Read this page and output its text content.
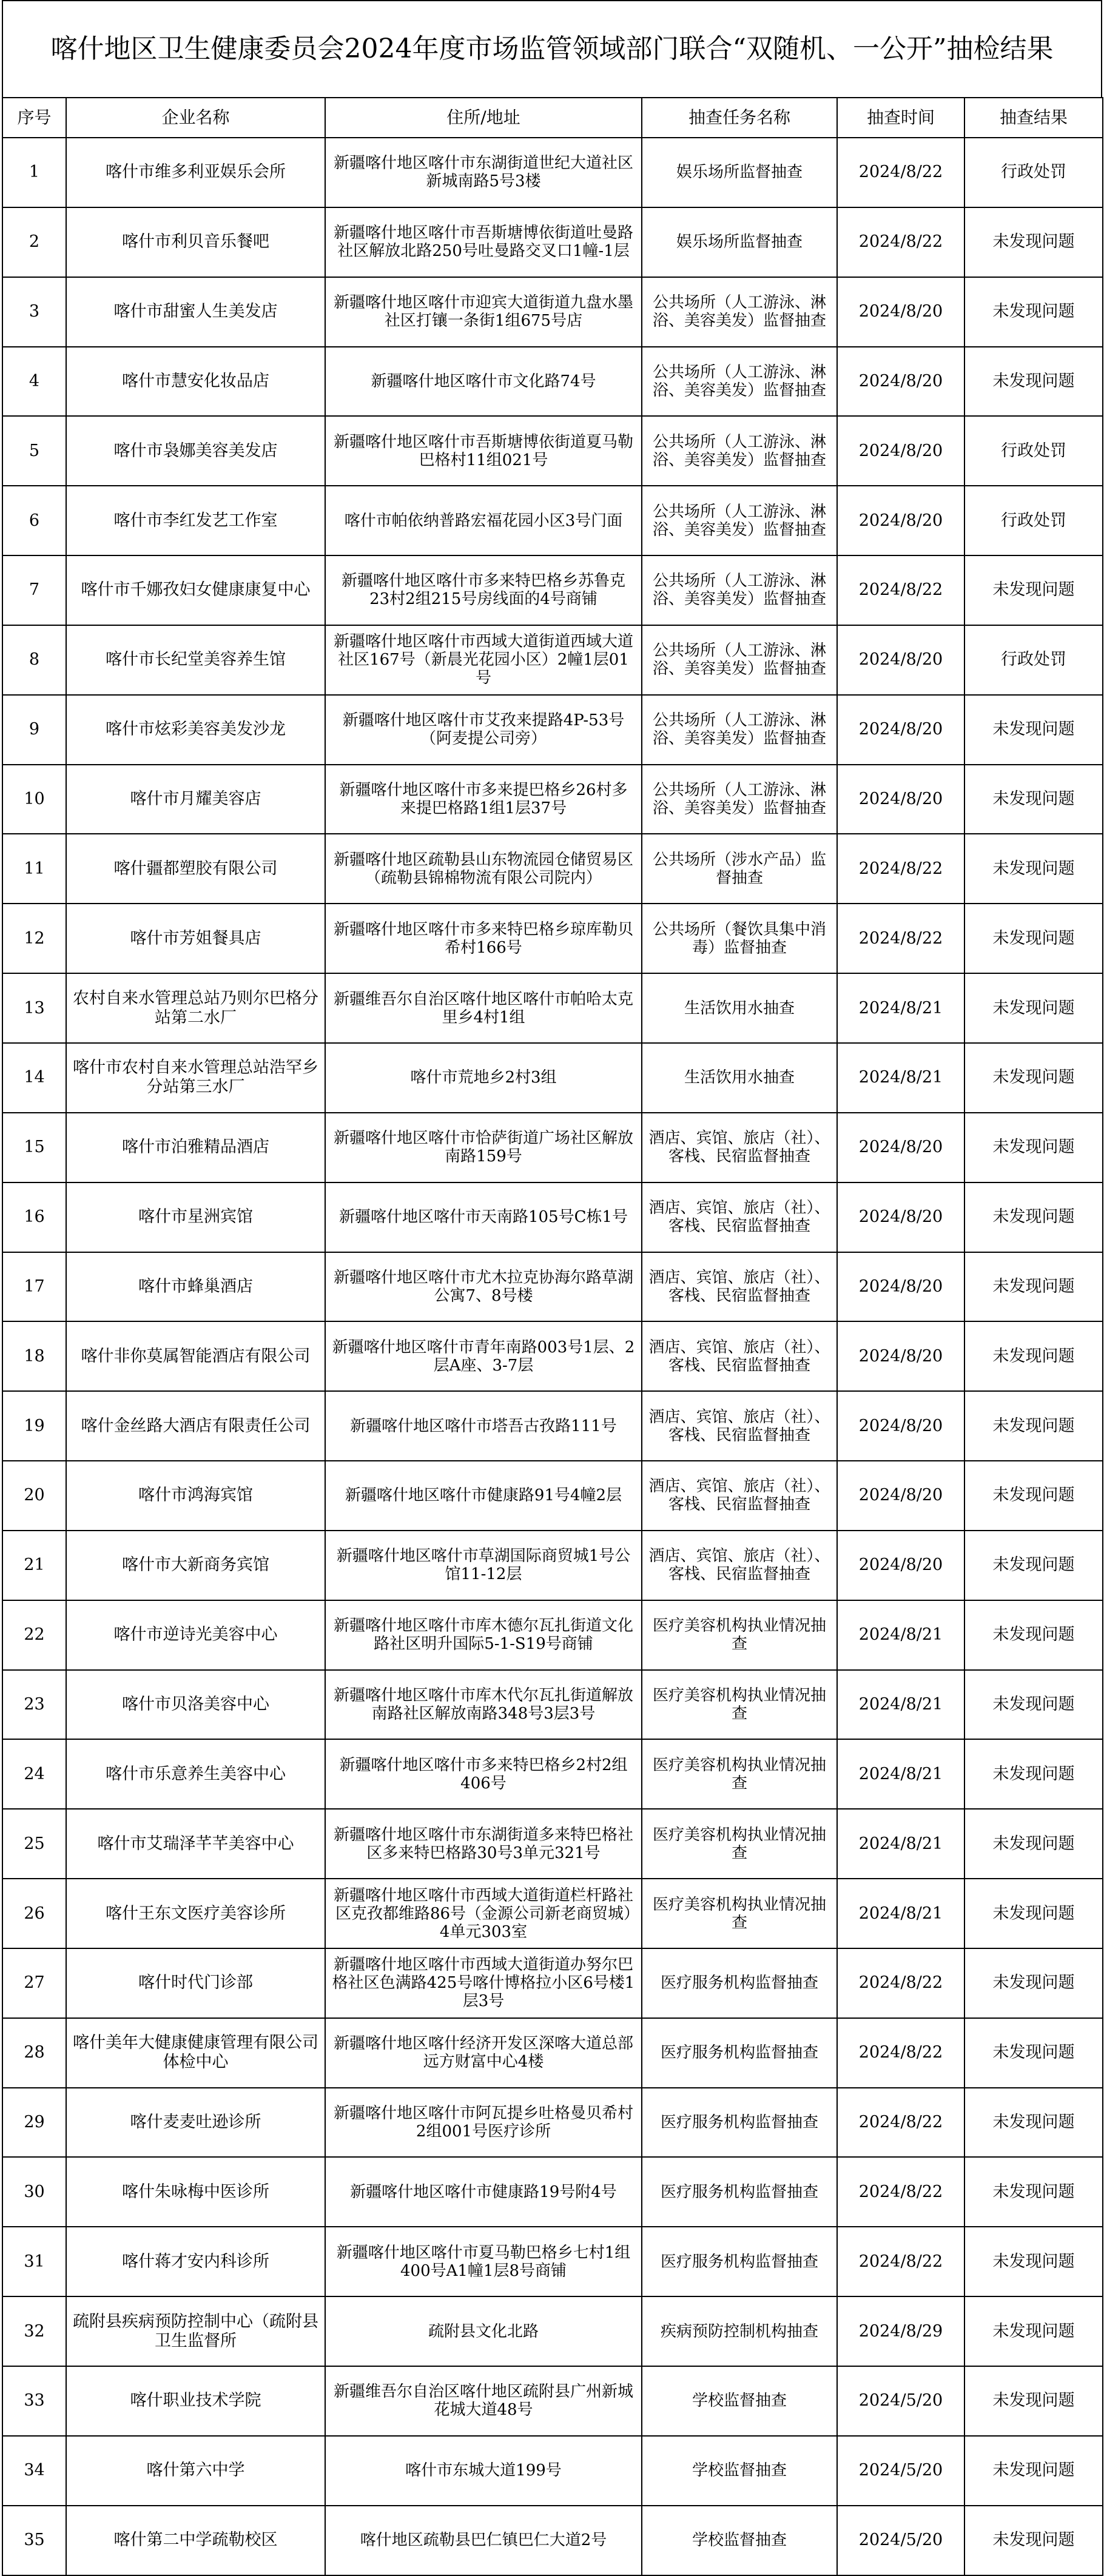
喀什地区卫生健康委员会2024年度市场监管领域部门联合“双随机、一公开”抽检结果
序号	企业名称	住所/地址	抽查任务名称	抽查时间	抽查结果

1	喀什市维多利亚娱乐会所	新疆喀什地区喀什市东湖街道世纪大道社区新城南路5号3楼	娱乐场所监督抽查	2024/8/22	行政处罚

2	喀什市利贝音乐餐吧	新疆喀什地区喀什市吾斯塘博依街道吐曼路社区解放北路250号吐曼路交叉口1幢-1层	娱乐场所监督抽查	2024/8/22	未发现问题

3	喀什市甜蜜人生美发店	新疆喀什地区喀什市迎宾大道街道九盘水墨社区打镶一条街1组675号店	公共场所（人工游泳、淋浴、美容美发）监督抽查	2024/8/20	未发现问题

4	喀什市慧安化妆品店	新疆喀什地区喀什市文化路74号	公共场所（人工游泳、淋浴、美容美发）监督抽查	2024/8/20	未发现问题

5	喀什市袅娜美容美发店	新疆喀什地区喀什市吾斯塘博依街道夏马勒巴格村11组021号	公共场所（人工游泳、淋浴、美容美发）监督抽查	2024/8/20	行政处罚

6	喀什市李红发艺工作室	喀什市帕依纳普路宏福花园小区3号门面	公共场所（人工游泳、淋浴、美容美发）监督抽查	2024/8/20	行政处罚

7	喀什市千娜孜妇女健康康复中心	新疆喀什地区喀什市多来特巴格乡苏鲁克23村2组215号房线面的4号商铺	公共场所（人工游泳、淋浴、美容美发）监督抽查	2024/8/22	未发现问题

8	喀什市长纪堂美容养生馆	新疆喀什地区喀什市西域大道街道西域大道社区167号（新晨光花园小区）2幢1层01号	公共场所（人工游泳、淋浴、美容美发）监督抽查	2024/8/20	行政处罚

9	喀什市炫彩美容美发沙龙	新疆喀什地区喀什市艾孜来提路4P-53号（阿麦提公司旁）	公共场所（人工游泳、淋浴、美容美发）监督抽查	2024/8/20	未发现问题

10	喀什市月耀美容店	新疆喀什地区喀什市多来提巴格乡26村多来提巴格路1组1层37号	公共场所（人工游泳、淋浴、美容美发）监督抽查	2024/8/20	未发现问题

11	喀什疆都塑胶有限公司	新疆喀什地区疏勒县山东物流园仓储贸易区（疏勒县锦棉物流有限公司院内）	公共场所（涉水产品）监督抽查	2024/8/22	未发现问题

12	喀什市芳姐餐具店	新疆喀什地区喀什市多来特巴格乡琼库勒贝希村166号	公共场所（餐饮具集中消毒）监督抽查	2024/8/22	未发现问题

13	农村自来水管理总站乃则尔巴格分站第二水厂	新疆维吾尔自治区喀什地区喀什市帕哈太克里乡4村1组	生活饮用水抽查	2024/8/21	未发现问题

14	喀什市农村自来水管理总站浩罕乡分站第三水厂	喀什市荒地乡2村3组	生活饮用水抽查	2024/8/21	未发现问题

15	喀什市泊雅精品酒店	新疆喀什地区喀什市恰萨街道广场社区解放南路159号	酒店、宾馆、旅店（社）、客栈、民宿监督抽查	2024/8/20	未发现问题

16	喀什市星洲宾馆	新疆喀什地区喀什市天南路105号C栋1号	酒店、宾馆、旅店（社）、客栈、民宿监督抽查	2024/8/20	未发现问题

17	喀什市蜂巢酒店	新疆喀什地区喀什市尤木拉克协海尔路草湖公寓7、8号楼	酒店、宾馆、旅店（社）、客栈、民宿监督抽查	2024/8/20	未发现问题

18	喀什非你莫属智能酒店有限公司	新疆喀什地区喀什市青年南路003号1层、2层A座、3-7层	酒店、宾馆、旅店（社）、客栈、民宿监督抽查	2024/8/20	未发现问题

19	喀什金丝路大酒店有限责任公司	新疆喀什地区喀什市塔吾古孜路111号	酒店、宾馆、旅店（社）、客栈、民宿监督抽查	2024/8/20	未发现问题

20	喀什市鸿海宾馆	新疆喀什地区喀什市健康路91号4幢2层	酒店、宾馆、旅店（社）、客栈、民宿监督抽查	2024/8/20	未发现问题

21	喀什市大新商务宾馆	新疆喀什地区喀什市草湖国际商贸城1号公馆11-12层	酒店、宾馆、旅店（社）、客栈、民宿监督抽查	2024/8/20	未发现问题

22	喀什市逆诗光美容中心	新疆喀什地区喀什市库木德尔瓦扎街道文化路社区明升国际5-1-S19号商铺	医疗美容机构执业情况抽查	2024/8/21	未发现问题

23	喀什市贝洛美容中心	新疆喀什地区喀什市库木代尔瓦扎街道解放南路社区解放南路348号3层3号	医疗美容机构执业情况抽查	2024/8/21	未发现问题

24	喀什市乐意养生美容中心	新疆喀什地区喀什市多来特巴格乡2村2组406号	医疗美容机构执业情况抽查	2024/8/21	未发现问题

25	喀什市艾瑞泽芊芊美容中心	新疆喀什地区喀什市东湖街道多来特巴格社区多来特巴格路30号3单元321号	医疗美容机构执业情况抽查	2024/8/21	未发现问题

26	喀什王东文医疗美容诊所	新疆喀什地区喀什市西域大道街道栏杆路社区克孜都维路86号（金源公司新老商贸城）4单元303室	医疗美容机构执业情况抽查	2024/8/21	未发现问题

27	喀什时代门诊部	新疆喀什地区喀什市西域大道街道办努尔巴格社区色满路425号喀什博格拉小区6号楼1层3号	医疗服务机构监督抽查	2024/8/22	未发现问题

28	喀什美年大健康健康管理有限公司体检中心	新疆喀什地区喀什经济开发区深喀大道总部远方财富中心4楼	医疗服务机构监督抽查	2024/8/22	未发现问题

29	喀什麦麦吐逊诊所	新疆喀什地区喀什市阿瓦提乡吐格曼贝希村2组001号医疗诊所	医疗服务机构监督抽查	2024/8/22	未发现问题

30	喀什朱咏梅中医诊所	新疆喀什地区喀什市健康路19号附4号	医疗服务机构监督抽查	2024/8/22	未发现问题

31	喀什蒋才安内科诊所	新疆喀什地区喀什市夏马勒巴格乡七村1组400号A1幢1层8号商铺	医疗服务机构监督抽查	2024/8/22	未发现问题

32	疏附县疾病预防控制中心（疏附县卫生监督所	疏附县文化北路	疾病预防控制机构抽查	2024/8/29	未发现问题

33	喀什职业技术学院	新疆维吾尔自治区喀什地区疏附县广州新城花城大道48号	学校监督抽查	2024/5/20	未发现问题

34	喀什第六中学	喀什市东城大道199号	学校监督抽查	2024/5/20	未发现问题

35	喀什第二中学疏勒校区	喀什地区疏勒县巴仁镇巴仁大道2号	学校监督抽查	2024/5/20	未发现问题
